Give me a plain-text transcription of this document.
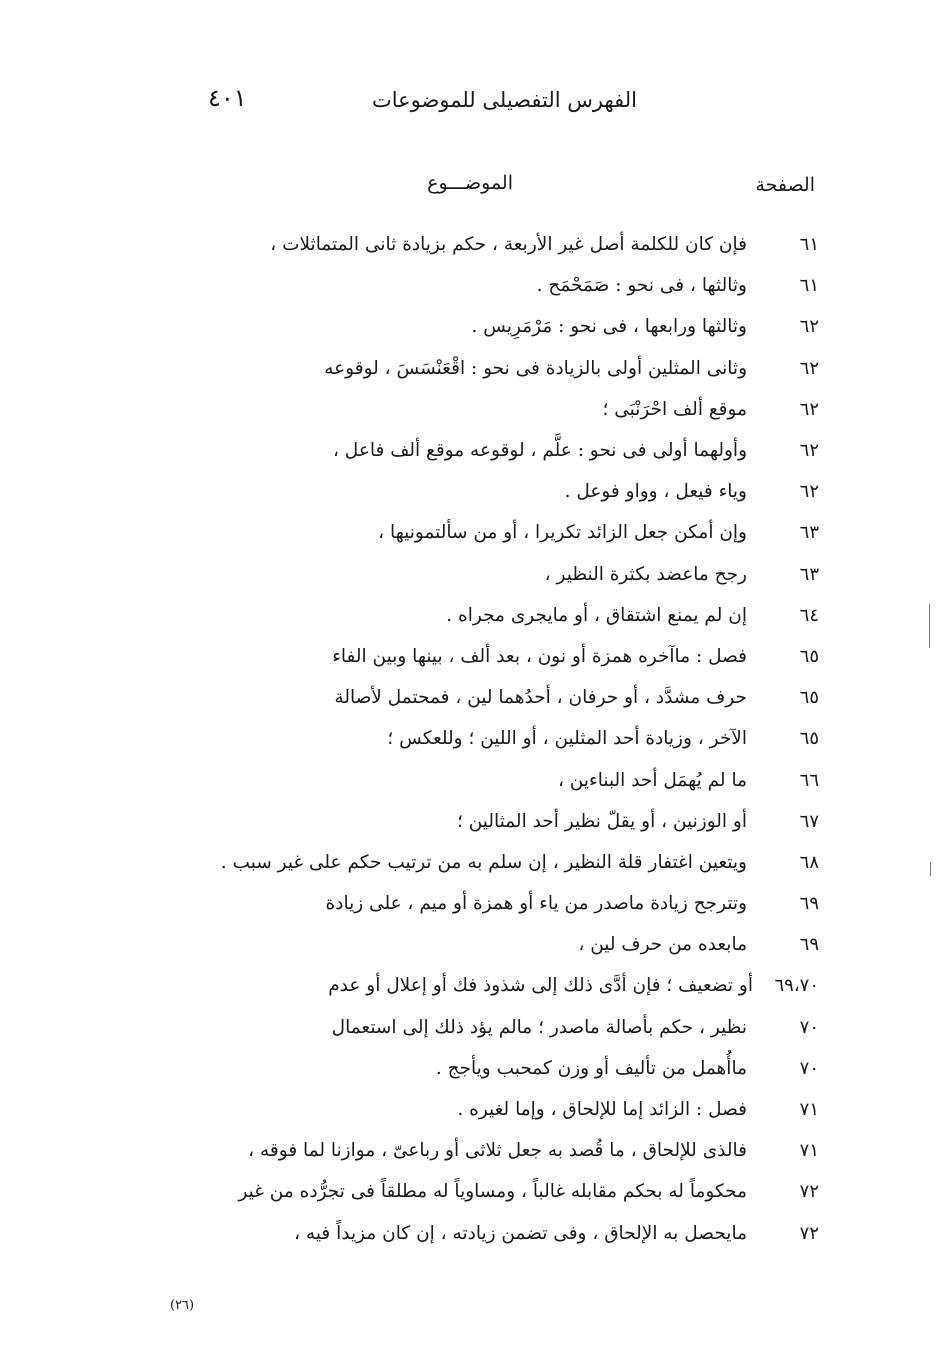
الفهرس التفصيلى للموضوعات
٤٠١
الصفحة
الموضـــوع
٦١
فإن كان للكلمة أصل غير الأربعة ، حكم بزيادة ثانى المتماثلات ،
٦١
وثالثها ، فى نحو : صَمَحْمَح .
٦٢
وثالثها ورابعها ، فى نحو : مَرْمَرِيس .
٦٢
وثانى المثلين أولى بالزيادة فى نحو : اقْعَنْسَسَ ، لوقوعه
٦٢
موقع ألف احْرَنْبَى ؛
٦٢
وأولهما أولى فى نحو : علَّم ، لوقوعه موقع ألف فاعل ،
٦٢
وياء فيعل ، وواو فوعل .
٦٣
وإن أمكن جعل الزائد تكريرا ، أو من سألتمونيها ،
٦٣
رجح ماعضد بكثرة النظير ،
٦٤
إن لم يمنع اشتقاق ، أو مايجرى مجراه .
٦٥
فصل : ماآخره همزة أو نون ، بعد ألف ، بينها وبين الفاء
٦٥
حرف مشدَّد ، أو حرفان ، أحدُهما لين ، فمحتمل لأصالة
٦٥
الآخر ، وزيادة أحد المثلين ، أو اللين ؛ وللعكس ؛
٦٦
ما لم يُهمَل أحد البناءين ،
٦٧
أو الوزنين ، أو يقلّ نظير أحد المثالين ؛
٦٨
ويتعين اغتفار قلة النظير ، إن سلم به من ترتيب حكم على غير سبب .
٦٩
وتترجح زيادة ماصدر من ياء أو همزة أو ميم ، على زيادة
٦٩
مابعده من حرف لين ،
٦٩،٧٠
أو تضعيف ؛ فإن أدَّى ذلك إلى شذوذ فك أو إعلال أو عدم
٧٠
نظير ، حكم بأصالة ماصدر ؛ مالم يؤد ذلك إلى استعمال
٧٠
ماأُهمل من تأليف أو وزن كمحبب ويأجج .
٧١
فصل : الزائد إما للإلحاق ، وإما لغيره .
٧١
فالذى للإلحاق ، ما قُصد به جعل ثلاثى أو رباعىّ ، موازنا لما فوقه ،
٧٢
محكوماً له بحكم مقابله غالباً ، ومساوياً له مطلقاً فى تجرُّده من غير
٧٢
مايحصل به الإلحاق ، وفى تضمن زيادته ، إن كان مزيداً فيه ،
(٢٦)
